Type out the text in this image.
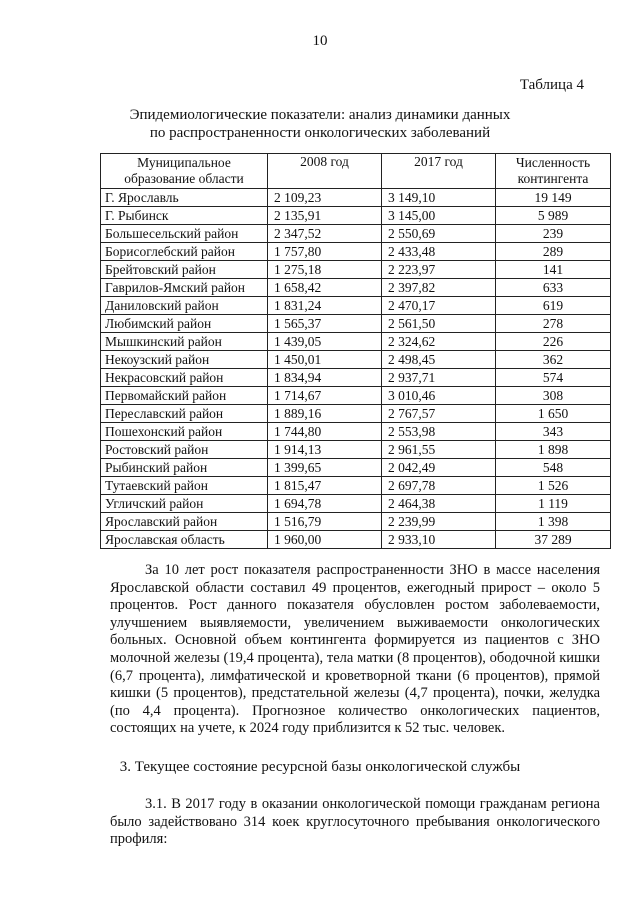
10
Таблица 4
Эпидемиологические показатели: анализ динамики данных
по распространенности онкологических заболеваний
Муниципальное образование области	2008 год	2017 год	Численность контингента
Г. Ярославль	2 109,23	3 149,10	19 149
Г. Рыбинск	2 135,91	3 145,00	5 989
Большесельский район	2 347,52	2 550,69	239
Борисоглебский район	1 757,80	2 433,48	289
Брейтовский район	1 275,18	2 223,97	141
Гаврилов-Ямский район	1 658,42	2 397,82	633
Даниловский район	1 831,24	2 470,17	619
Любимский район	1 565,37	2 561,50	278
Мышкинский район	1 439,05	2 324,62	226
Некоузский район	1 450,01	2 498,45	362
Некрасовский район	1 834,94	2 937,71	574
Первомайский район	1 714,67	3 010,46	308
Переславский район	1 889,16	2 767,57	1 650
Пошехонский район	1 744,80	2 553,98	343
Ростовский район	1 914,13	2 961,55	1 898
Рыбинский район	1 399,65	2 042,49	548
Тутаевский район	1 815,47	2 697,78	1 526
Угличский район	1 694,78	2 464,38	1 119
Ярославский район	1 516,79	2 239,99	1 398
Ярославская область	1 960,00	2 933,10	37 289
За 10 лет рост показателя распространенности ЗНО в массе населения Ярославской области составил 49 процентов, ежегодный прирост – около 5 процентов. Рост данного показателя обусловлен ростом заболеваемости, улучшением выявляемости, увеличением выживаемости онкологических больных. Основной объем контингента формируется из пациентов с ЗНО молочной железы (19,4 процента), тела матки (8 процентов), ободочной кишки (6,7 процента), лимфатической и кроветворной ткани (6 процентов), прямой кишки (5 процентов), предстательной железы (4,7 процента), почки, желудка (по 4,4 процента). Прогнозное количество онкологических пациентов, состоящих на учете, к 2024 году приблизится к 52 тыс. человек.
3. Текущее состояние ресурсной базы онкологической службы
3.1. В 2017 году в оказании онкологической помощи гражданам региона было задействовано 314 коек круглосуточного пребывания онкологического профиля:
